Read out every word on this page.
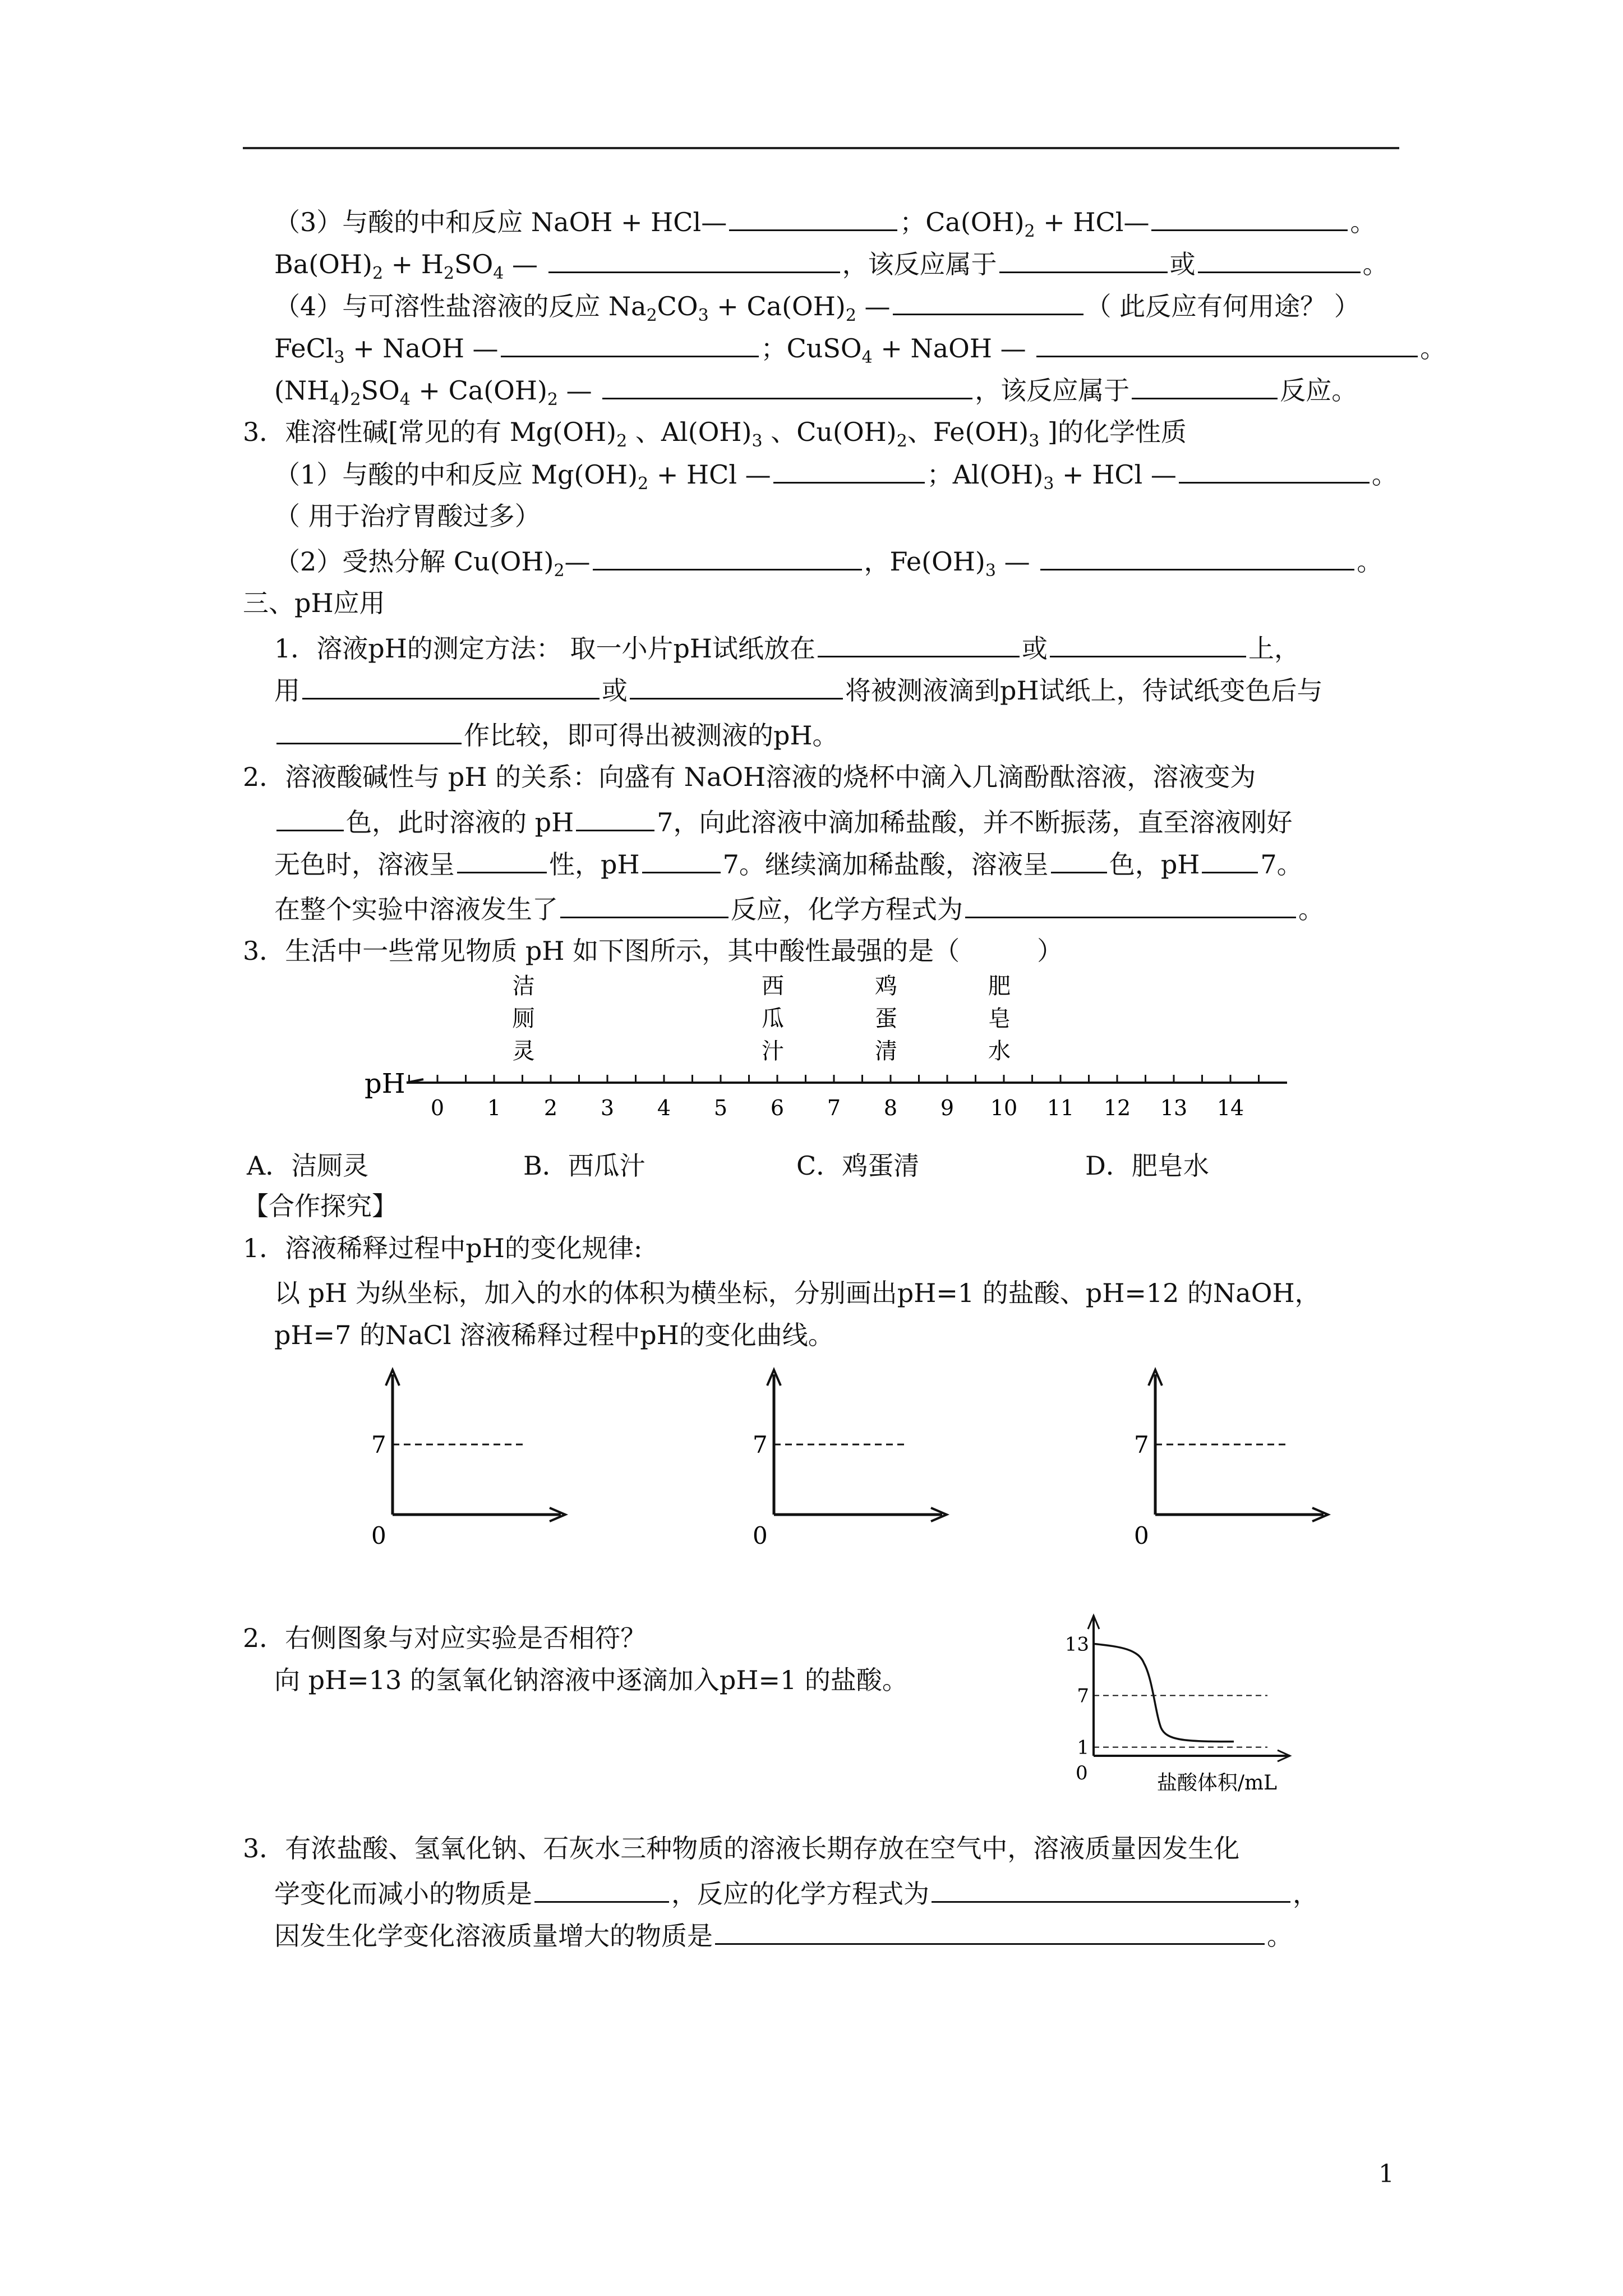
（3）与酸的中和反应 NaOH + HCl—	；$Ca(OH)_2$ + HCl—	。
$Ba(OH)_2 + H_2SO_4$ —	，该反应属于	或	。
（4）与可溶性盐溶液的反应 $Na_2CO_3 + Ca(OH)_2$ —	（ 此反应有何用途？ ）
FeCl$_3$ + NaOH —	；CuSO$_4$ + NaOH —	。
$(NH_4)_2SO_4 + Ca(OH)_2$ —	，该反应属于	反应。
3．难溶性碱[常见的有 $Mg(OH)_2$ 、$Al(OH)_3$ 、$Cu(OH)_2$、$Fe(OH)_3$ ]的化学性质
（1）与酸的中和反应 $Mg(OH)_2$ + HCl —	；$Al(OH)_3$ + HCl —	。
（ 用于治疗胃酸过多）
（2）受热分解 $Cu(OH)_2—$	，$Fe(OH)_3$ —	。
三、pH应用
1．溶液pH的测定方法： 取一小片pH试纸放在	或	上，
用	或	将被测液滴到pH试纸上，待试纸变色后与
作比较，即可得出被测液的pH。
2．溶液酸碱性与 pH 的关系：向盛有 NaOH溶液的烧杯中滴入几滴酚酞溶液，溶液变为
色，此时溶液的 pH	7，向此溶液中滴加稀盐酸，并不断振荡，直至溶液刚好
无色时，溶液呈	性，pH	7。继续滴加稀盐酸，溶液呈 色，pH 7。
在整个实验中溶液发生了	反应，化学方程式为	。
3．生活中一些常见物质 pH 如下图所示，其中酸性最强的是（　　　）
pH
0 1 2 3 4 5 6 7 8 9 10 11 12 13 14
洁
厕
灵
西
瓜
汁
鸡
蛋
清
肥
皂
水
A．洁厕灵	B．西瓜汁	C．鸡蛋清	D．肥皂水
【合作探究】
1．溶液稀释过程中pH的变化规律:
以 pH 为纵坐标，加入的水的体积为横坐标，分别画出pH=1 的盐酸、pH=12 的NaOH，
pH=7 的NaCl 溶液稀释过程中pH的变化曲线。
7
0
7
0
7
0
2．右侧图象与对应实验是否相符？
向 pH=13 的氢氧化钠溶液中逐滴加入pH=1 的盐酸。
13
7
1
0	盐酸体积/mL
3．有浓盐酸、氢氧化钠、石灰水三种物质的溶液长期存放在空气中，溶液质量因发生化
学变化而减小的物质是	，反应的化学方程式为	，
因发生化学变化溶液质量增大的物质是	。
1
